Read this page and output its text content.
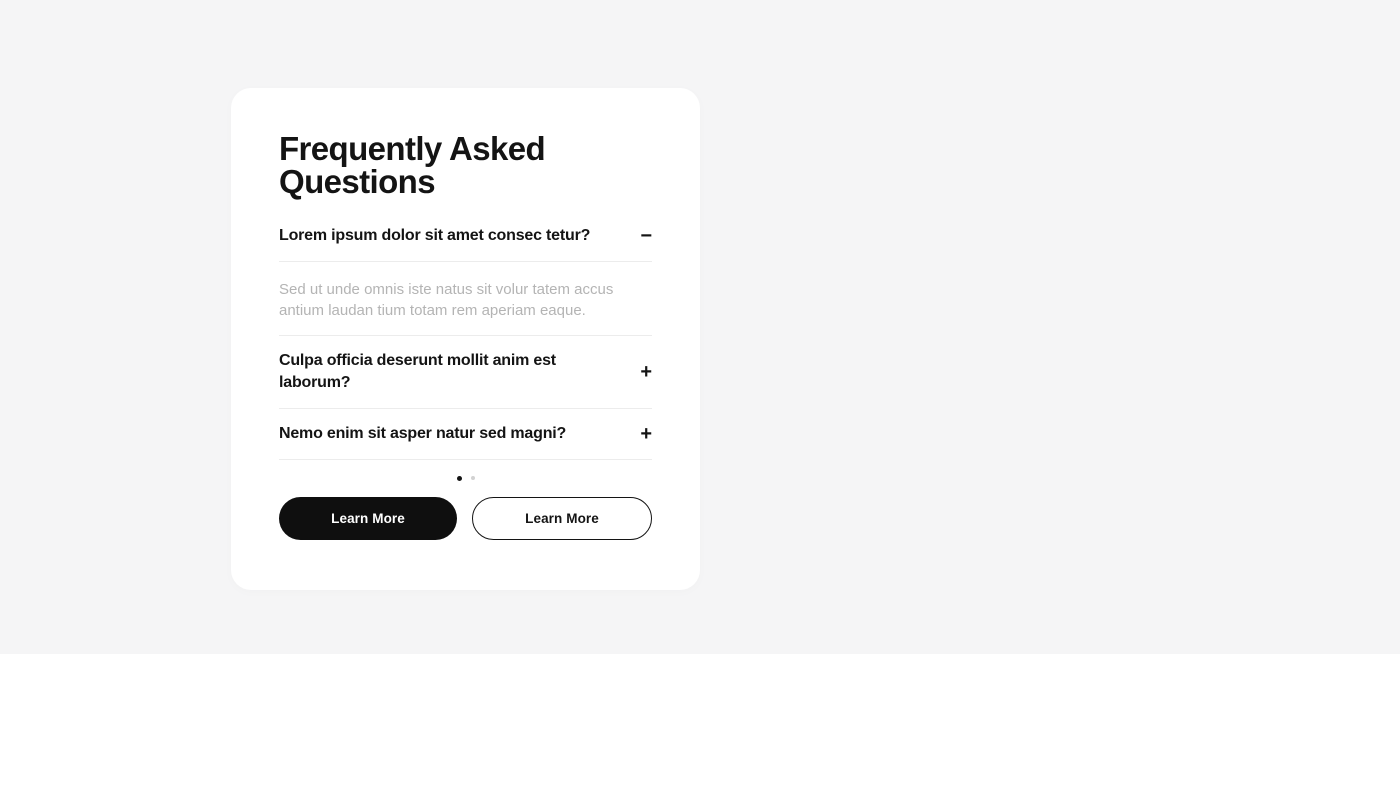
Frequently Asked Questions
Lorem ipsum dolor sit amet consec tetur?	−
Sed ut unde omnis iste natus sit volur tatem accus antium laudan tium totam rem aperiam eaque.
Culpa officia deserunt mollit anim est laborum?	+
Nemo enim sit asper natur sed magni?	+
Learn More	Learn More
